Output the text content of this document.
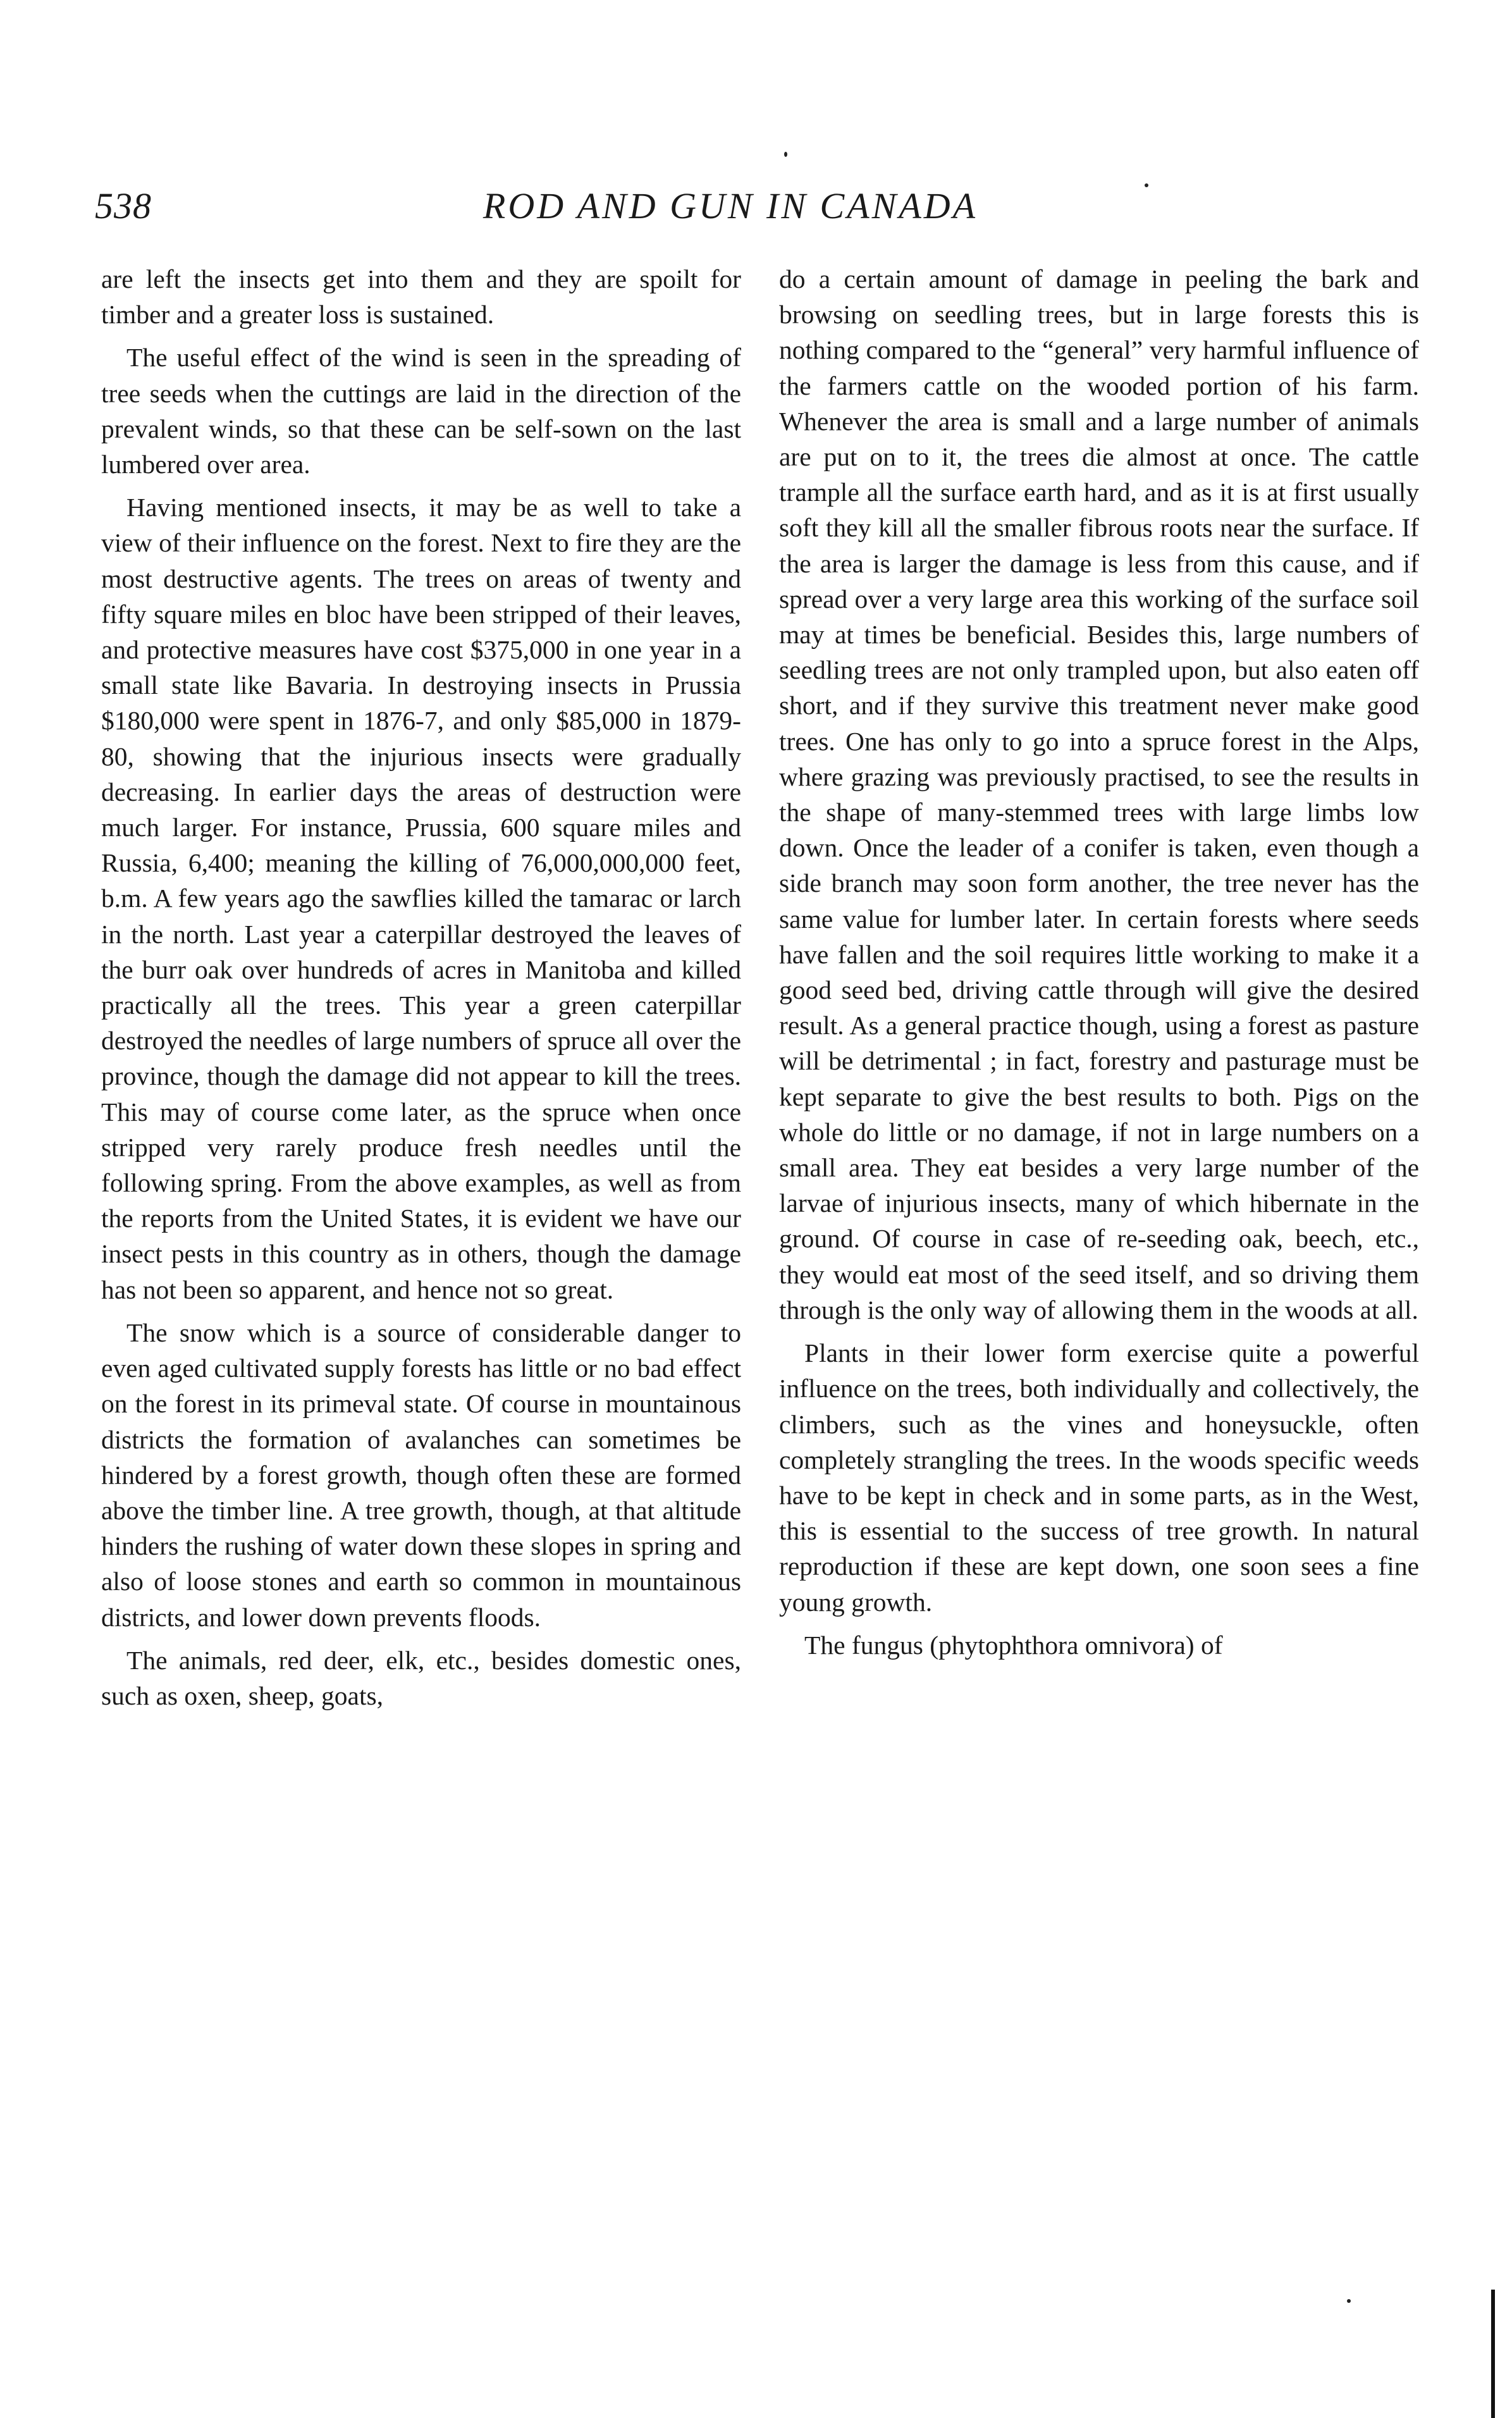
538	ROD AND GUN IN CANADA

are left the insects get into them and they are spoilt for timber and a greater loss is sustained.

The useful effect of the wind is seen in the spreading of tree seeds when the cuttings are laid in the direction of the prevalent winds, so that these can be self-sown on the last lumbered over area.

Having mentioned insects, it may be as well to take a view of their influence on the forest. Next to fire they are the most destructive agents. The trees on areas of twenty and fifty square miles en bloc have been stripped of their leaves, and protective measures have cost $375,000 in one year in a small state like Bavaria. In destroying insects in Prussia $180,000 were spent in 1876-7, and only $85,000 in 1879-80, showing that the injurious insects were gradually decreasing. In earlier days the areas of destruction were much larger. For instance, Prussia, 600 square miles and Russia, 6,400; meaning the killing of 76,000,000,000 feet, b.m. A few years ago the sawflies killed the tamarac or larch in the north. Last year a caterpillar destroyed the leaves of the burr oak over hundreds of acres in Manitoba and killed practically all the trees. This year a green caterpillar destroyed the needles of large numbers of spruce all over the province, though the damage did not appear to kill the trees. This may of course come later, as the spruce when once stripped very rarely produce fresh needles until the following spring. From the above examples, as well as from the reports from the United States, it is evident we have our insect pests in this country as in others, though the damage has not been so apparent, and hence not so great.

The snow which is a source of considerable danger to even aged cultivated supply forests has little or no bad effect on the forest in its primeval state. Of course in mountainous districts the formation of avalanches can sometimes be hindered by a forest growth, though often these are formed above the timber line. A tree growth, though, at that altitude hinders the rushing of water down these slopes in spring and also of loose stones and earth so common in mountainous districts, and lower down prevents floods.

The animals, red deer, elk, etc., besides domestic ones, such as oxen, sheep, goats,

do a certain amount of damage in peeling the bark and browsing on seedling trees, but in large forests this is nothing compared to the “general” very harmful influence of the farmers cattle on the wooded portion of his farm. Whenever the area is small and a large number of animals are put on to it, the trees die almost at once. The cattle trample all the surface earth hard, and as it is at first usually soft they kill all the smaller fibrous roots near the surface. If the area is larger the damage is less from this cause, and if spread over a very large area this working of the surface soil may at times be beneficial. Besides this, large numbers of seedling trees are not only trampled upon, but also eaten off short, and if they survive this treatment never make good trees. One has only to go into a spruce forest in the Alps, where grazing was previously practised, to see the results in the shape of many-stemmed trees with large limbs low down. Once the leader of a conifer is taken, even though a side branch may soon form another, the tree never has the same value for lumber later. In certain forests where seeds have fallen and the soil requires little working to make it a good seed bed, driving cattle through will give the desired result. As a general practice though, using a forest as pasture will be detrimental ; in fact, forestry and pasturage must be kept separate to give the best results to both. Pigs on the whole do little or no damage, if not in large numbers on a small area. They eat besides a very large number of the larvae of injurious insects, many of which hibernate in the ground. Of course in case of re-seeding oak, beech, etc., they would eat most of the seed itself, and so driving them through is the only way of allowing them in the woods at all.

Plants in their lower form exercise quite a powerful influence on the trees, both individually and collectively, the climbers, such as the vines and honeysuckle, often completely strangling the trees. In the woods specific weeds have to be kept in check and in some parts, as in the West, this is essential to the success of tree growth. In natural reproduction if these are kept down, one soon sees a fine young growth.

The fungus (phytophthora omnivora) of
